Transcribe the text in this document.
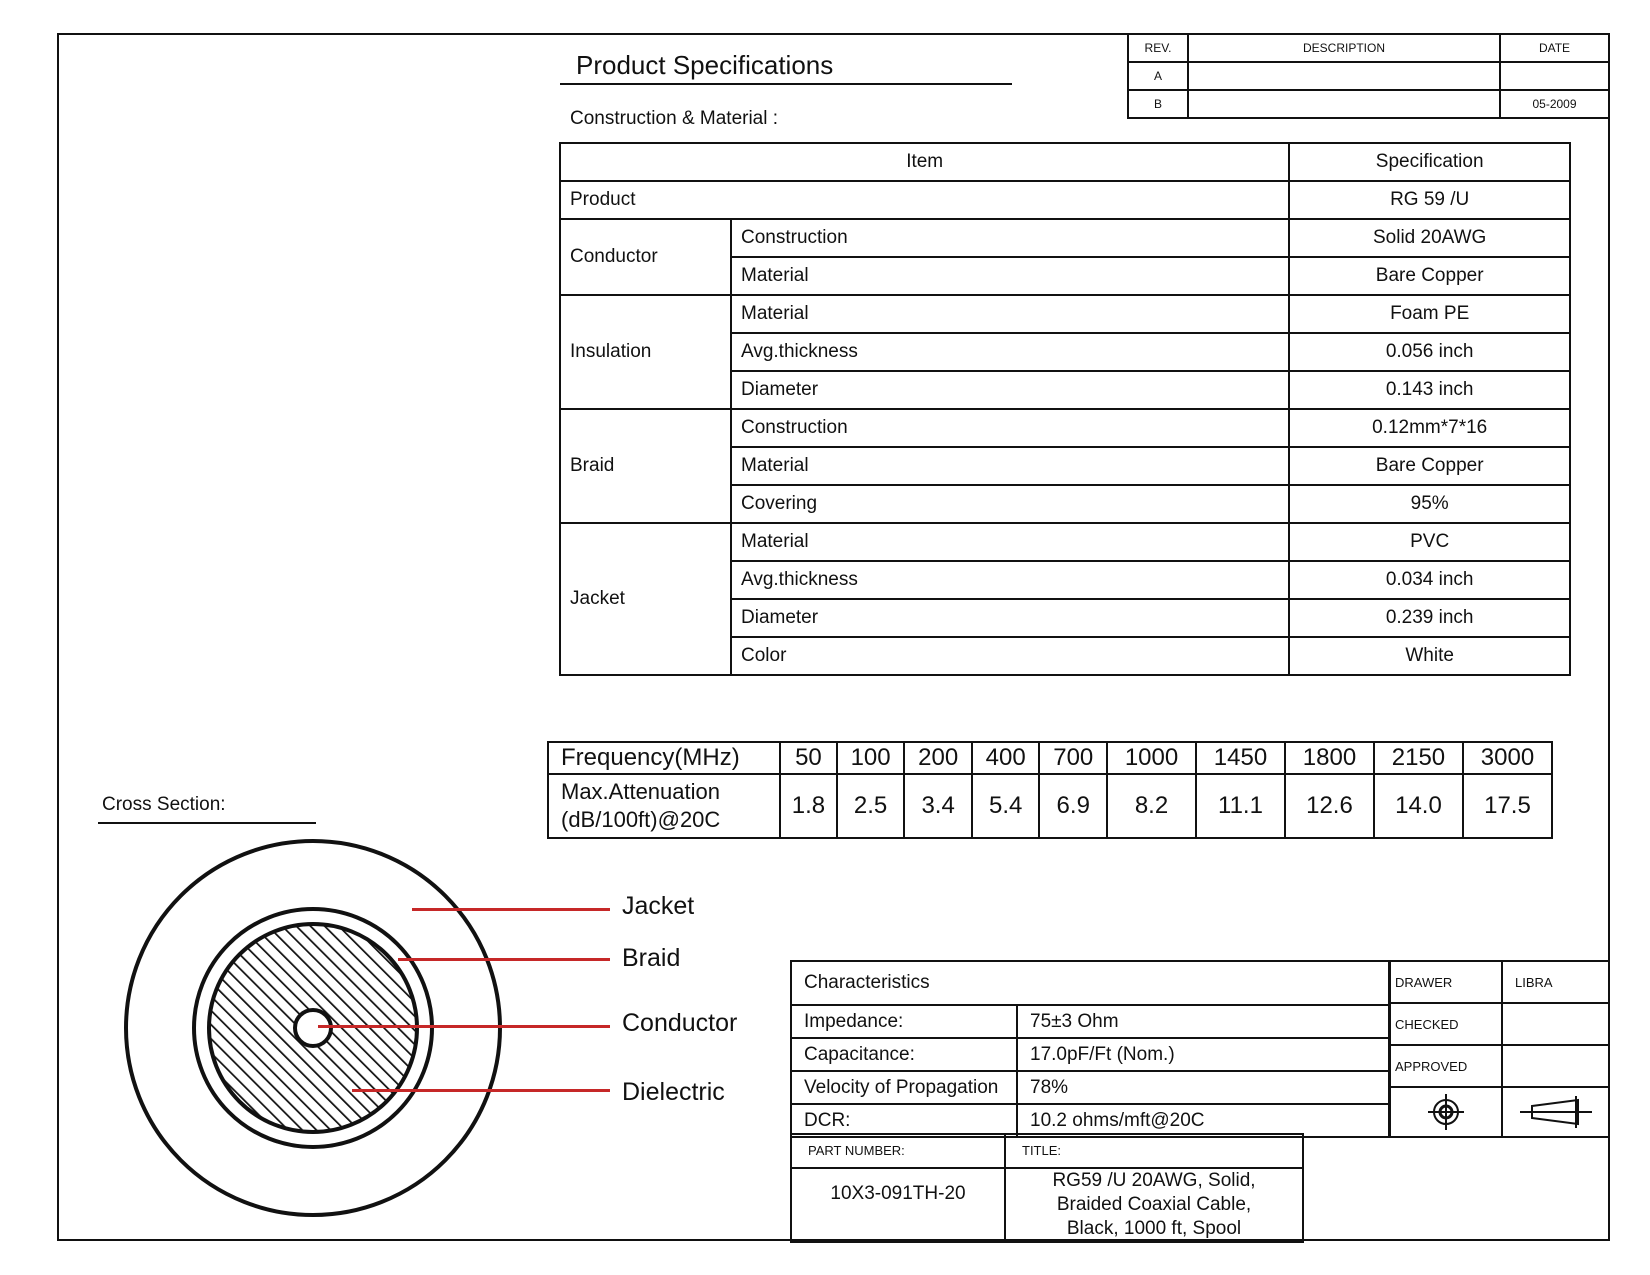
Product Specifications
Construction & Material :
REV.	DESCRIPTION	DATE
A		
B		05-2009
Item		Specification
Product		RG 59 /U
Conductor	Construction	Solid 20AWG
	Material	Bare Copper
Insulation	Material	Foam PE
	Avg.thickness	0.056 inch
	Diameter	0.143 inch
Braid	Construction	0.12mm*7*16
	Material	Bare Copper
	Covering	95%
Jacket	Material	PVC
	Avg.thickness	0.034 inch
	Diameter	0.239 inch
	Color	White
Frequency(MHz)	50	100	200	400	700	1000	1450	1800	2150	3000

Max.Attenuation
(dB/100ft)@20C	1.8	2.5	3.4	5.4	6.9	8.2	11.1	12.6	14.0	17.5
Cross Section:
Jacket
Braid
Conductor
Dielectric
Characteristics	
Impedance:	75±3 Ohm
Capacitance:	17.0pF/Ft (Nom.)
Velocity of Propagation	78%
DCR:	10.2 ohms/mft@20C
DRAWER	LIBRA
CHECKED	
APPROVED	

PART NUMBER:	TITLE:
10X3-091TH-20	RG59 /U 20AWG, Solid,
Braided Coaxial Cable,
Black, 1000 ft, Spool
